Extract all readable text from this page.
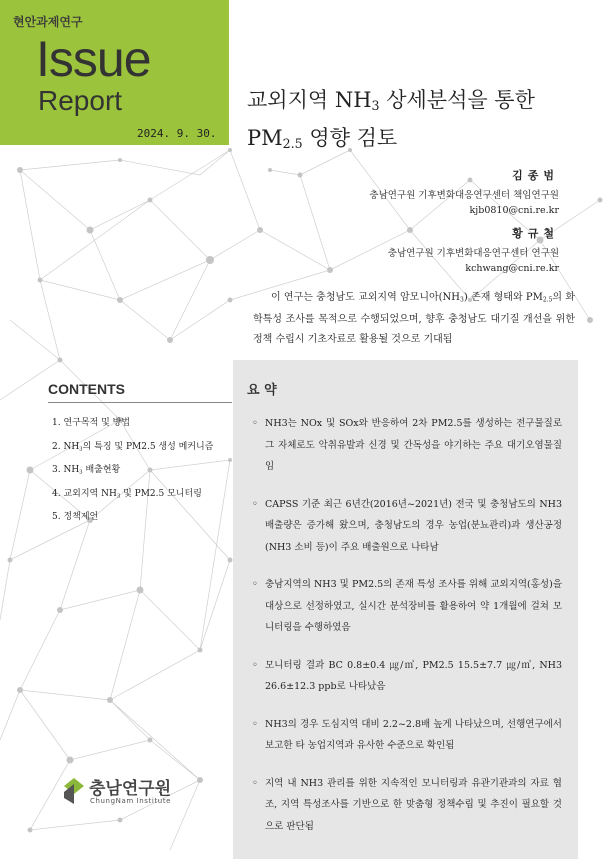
현안과제연구
Issue
Report
2024. 9. 30.
교외지역 $NH_3$ 상세분석을 통한
$PM_{2.5}$ 영향 검토
김종범
충남연구원 기후변화대응연구센터 책임연구원
kjb0810@cni.re.kr
황규철
충남연구원 기후변화대응연구센터 연구원
kchwang@cni.re.kr
이 연구는 충청남도 교외지역 암모니아$(NH_3)$ 존재 형태와 $PM_{2.5}$의 화학특성 조사를 목적으로 수행되었으며, 향후 충청남도 대기질 개선을 위한 정책 수립시 기초자료로 활용될 것으로 기대됨
CONTENTS
1. 연구목적 및 방법
2. $NH_3$의 특징 및 PM2.5 생성 메커니즘
3. $NH_3$ 배출현황
4. 교외지역 $NH_3$ 및 PM2.5 모니터링
5. 정책제언
요 약
◦ NH3는 NOx 및 SOx와 반응하여 2차 PM2.5를 생성하는 전구물질로 그 자체로도 악취유발과 신경 및 간독성을 야기하는 주요 대기오염물질 임
◦ CAPSS 기준 최근 6년간(2016년~2021년) 전국 및 충청남도의 NH3 배출량은 증가해 왔으며, 충청남도의 경우 농업(분뇨관리)과 생산공정(NH3 소비 등)이 주요 배출원으로 나타남
◦ 충남지역의 NH3 및 PM2.5의 존재 특성 조사를 위해 교외지역(홍성)을 대상으로 선정하였고, 실시간 분석장비를 활용하여 약 1개월에 걸쳐 모니터링을 수행하였음
◦ 모니터링 결과 BC 0.8±0.4 ㎍/㎥, PM2.5 15.5±7.7 ㎍/㎥, NH3 26.6±12.3 ppb로 나타났음
◦ NH3의 경우 도심지역 대비 2.2~2.8배 높게 나타났으며, 선행연구에서 보고한 타 농업지역과 유사한 수준으로 확인됨
◦ 지역 내 NH3 관리를 위한 지속적인 모니터링과 유관기관과의 자료 협조, 지역 특성조사를 기반으로 한 맞춤형 정책수립 및 추진이 필요할 것으로 판단됨
충남연구원
ChungNam Institute
